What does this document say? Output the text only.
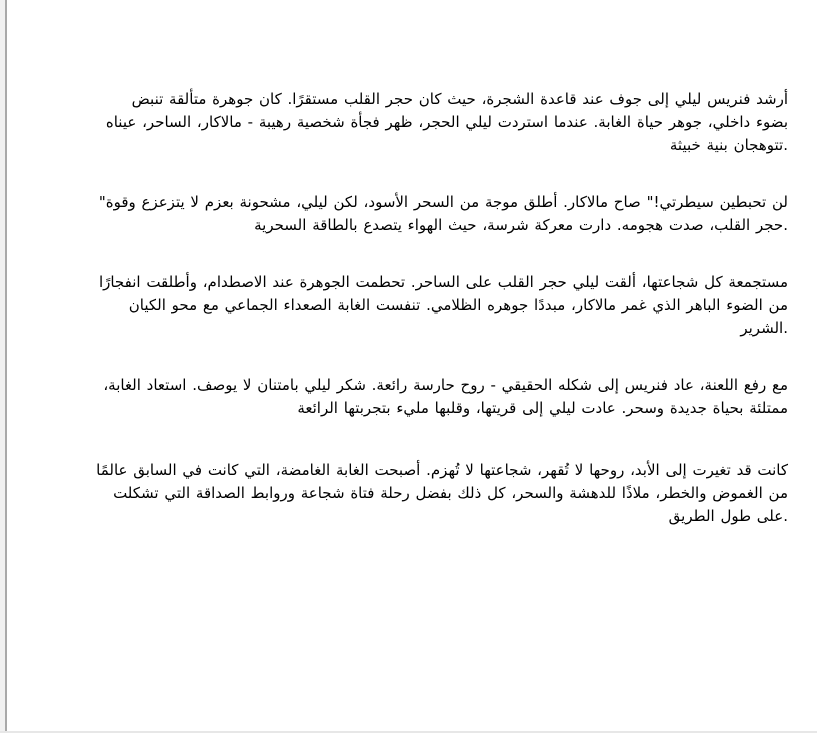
أرشد فنريس ليلي إلى جوف عند قاعدة الشجرة، حيث كان حجر القلب مستقرًا. كان جوهرة متألقة تنبض بضوء داخلي، جوهر حياة الغابة. عندما استردت ليلي الحجر، ظهر فجأة شخصية رهيبة - مالاكار، الساحر، عيناه تتوهجان بنية خبيثة.

"لن تحبطين سيطرتي!" صاح مالاكار. أطلق موجة من السحر الأسود، لكن ليلي، مشحونة بعزم لا يتزعزع وقوة حجر القلب، صدت هجومه. دارت معركة شرسة، حيث الهواء يتصدع بالطاقة السحرية.

مستجمعة كل شجاعتها، ألقت ليلي حجر القلب على الساحر. تحطمت الجوهرة عند الاصطدام، وأطلقت انفجارًا من الضوء الباهر الذي غمر مالاكار، مبددًا جوهره الظلامي. تنفست الغابة الصعداء الجماعي مع محو الكيان الشرير.

مع رفع اللعنة، عاد فنريس إلى شكله الحقيقي - روح حارسة رائعة. شكر ليلي بامتنان لا يوصف. استعاد الغابة، ممتلئة بحياة جديدة وسحر. عادت ليلي إلى قريتها، وقلبها مليء بتجربتها الرائعة

كانت قد تغيرت إلى الأبد، روحها لا تُقهر، شجاعتها لا تُهزم. أصبحت الغابة الغامضة، التي كانت في السابق عالمًا من الغموض والخطر، ملاذًا للدهشة والسحر، كل ذلك بفضل رحلة فتاة شجاعة وروابط الصداقة التي تشكلت على طول الطريق.
